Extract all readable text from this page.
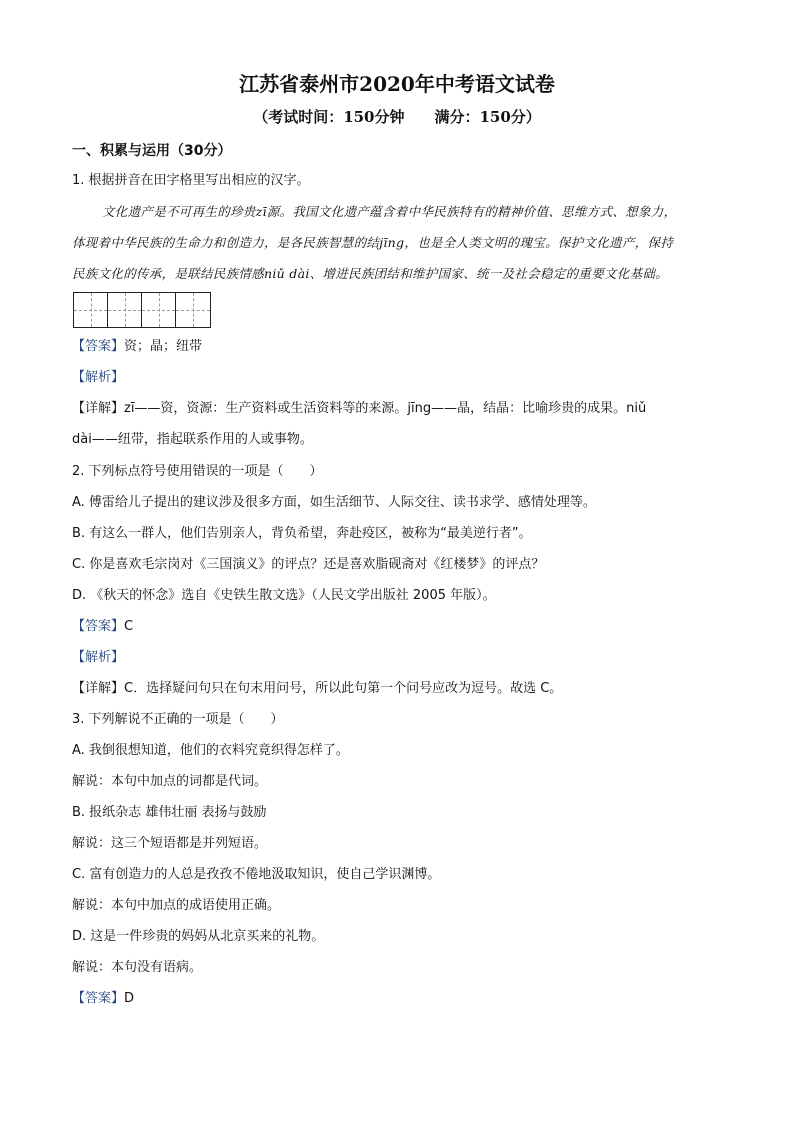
江苏省泰州市2020年中考语文试卷
（考试时间：150分钟　　满分：150分）
一、积累与运用（30分）
1. 根据拼音在田字格里写出相应的汉字。
文化遗产是不可再生的珍贵zī源。我国文化遗产蕴含着中华民族特有的精神价值、思维方式、想象力，
体现着中华民族的生命力和创造力，是各民族智慧的结jīng，也是全人类文明的瑰宝。保护文化遗产，保持
民族文化的传承，是联结民族情感niǔ dài、增进民族团结和维护国家、统一及社会稳定的重要文化基础。
【答案】资；晶；纽带
【解析】
【详解】zī——资，资源：生产资料或生活资料等的来源。jīng——晶，结晶：比喻珍贵的成果。niǔ
dài——纽带，指起联系作用的人或事物。
2. 下列标点符号使用错误的一项是（　　）
A. 傅雷给儿子提出的建议涉及很多方面，如生活细节、人际交往、读书求学、感情处理等。
B. 有这么一群人，他们告别亲人，背负希望，奔赴疫区，被称为“最美逆行者”。
C. 你是喜欢毛宗岗对《三国演义》的评点？还是喜欢脂砚斋对《红楼梦》的评点？
D. 《秋天的怀念》选自《史铁生散文选》（人民文学出版社 2005 年版）。
【答案】C
【解析】
【详解】C．选择疑问句只在句末用问号，所以此句第一个问号应改为逗号。故选 C。
3. 下列解说不正确的一项是（　　）
A. 我倒很想知道，他们的衣料究竟织得怎样了。
解说：本句中加点的词都是代词。
B. 报纸杂志 雄伟壮丽 表扬与鼓励
解说：这三个短语都是并列短语。
C. 富有创造力的人总是孜孜不倦地汲取知识，使自己学识渊博。
解说：本句中加点的成语使用正确。
D. 这是一件珍贵的妈妈从北京买来的礼物。
解说：本句没有语病。
【答案】D
